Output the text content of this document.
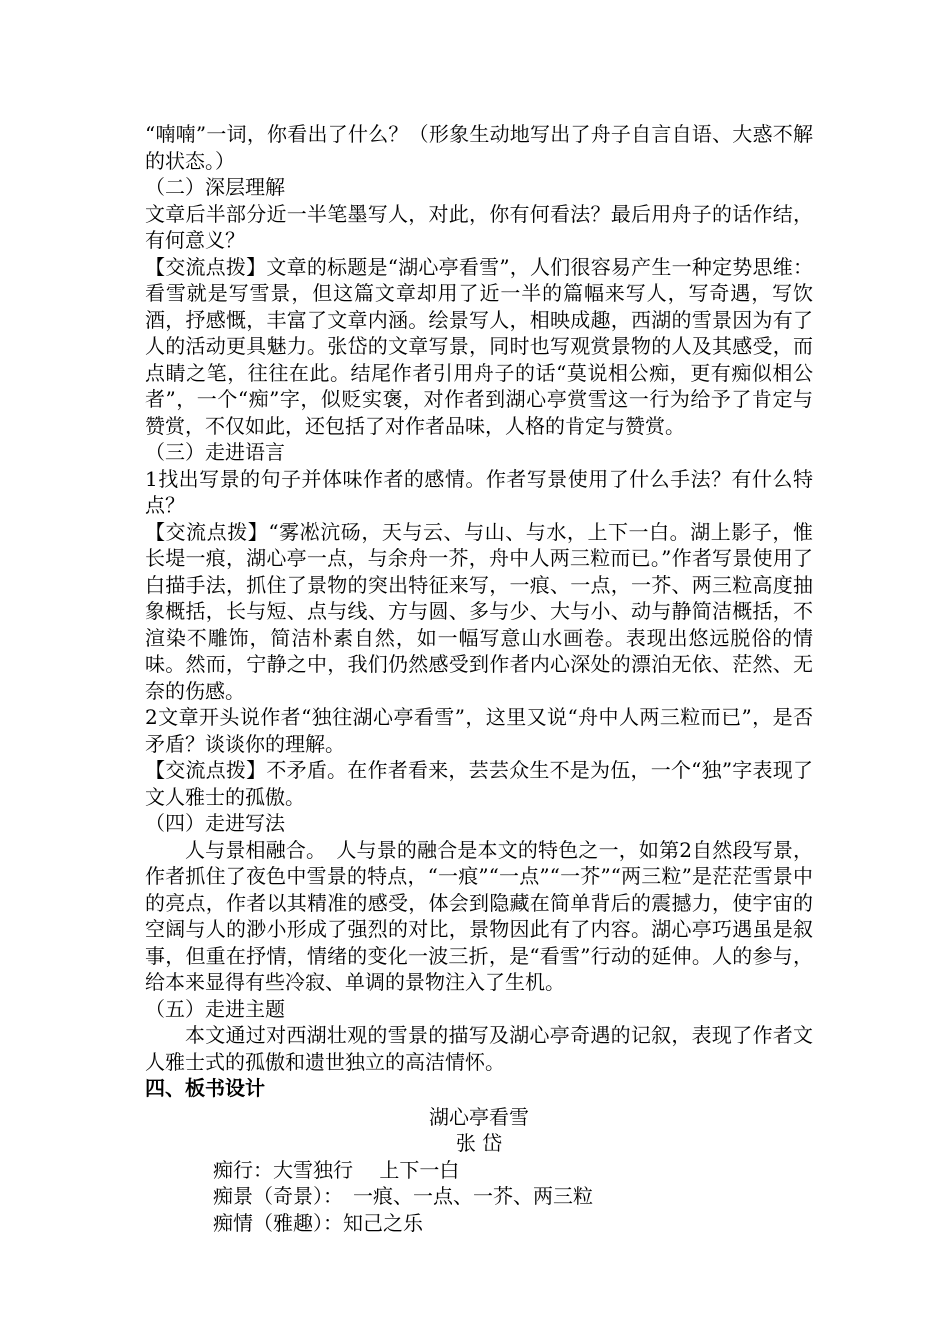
“喃喃”一词，你看出了什么？（形象生动地写出了舟子自言自语、大惑不解的状态。）

（二）深层理解

文章后半部分近一半笔墨写人，对此，你有何看法？最后用舟子的话作结，有何意义？

【交流点拨】文章的标题是“湖心亭看雪”，人们很容易产生一种定势思维：看雪就是写雪景，但这篇文章却用了近一半的篇幅来写人，写奇遇，写饮酒，抒感慨，丰富了文章内涵。绘景写人，相映成趣，西湖的雪景因为有了人的活动更具魅力。张岱的文章写景，同时也写观赏景物的人及其感受，而点睛之笔，往往在此。结尾作者引用舟子的话“莫说相公痴，更有痴似相公者”，一个“痴”字，似贬实褒，对作者到湖心亭赏雪这一行为给予了肯定与赞赏，不仅如此，还包括了对作者品味，人格的肯定与赞赏。

（三）走进语言

1找出写景的句子并体味作者的感情。作者写景使用了什么手法？有什么特点？

【交流点拨】“雾凇沆砀，天与云、与山、与水，上下一白。湖上影子，惟长堤一痕，湖心亭一点，与余舟一芥，舟中人两三粒而已。”作者写景使用了白描手法，抓住了景物的突出特征来写，一痕、一点，一芥、两三粒高度抽象概括，长与短、点与线、方与圆、多与少、大与小、动与静简洁概括，不渲染不雕饰，简洁朴素自然，如一幅写意山水画卷。表现出悠远脱俗的情味。然而，宁静之中，我们仍然感受到作者内心深处的漂泊无依、茫然、无奈的伤感。

2文章开头说作者“独往湖心亭看雪”，这里又说“舟中人两三粒而已”，是否矛盾？谈谈你的理解。

【交流点拨】不矛盾。在作者看来，芸芸众生不是为伍，一个“独”字表现了文人雅士的孤傲。

（四）走进写法

人与景相融合。　人与景的融合是本文的特色之一，如第2自然段写景，作者抓住了夜色中雪景的特点，“一痕”“一点”“一芥”“两三粒”是茫茫雪景中的亮点，作者以其精准的感受，体会到隐藏在简单背后的震撼力，使宇宙的空阔与人的渺小形成了强烈的对比，景物因此有了内容。湖心亭巧遇虽是叙事，但重在抒情，情绪的变化一波三折，是“看雪”行动的延伸。人的参与，给本来显得有些冷寂、单调的景物注入了生机。

（五）走进主题

本文通过对西湖壮观的雪景的描写及湖心亭奇遇的记叙，表现了作者文人雅士式的孤傲和遗世独立的高洁情怀。

四、板书设计

湖心亭看雪

张 岱

痴行：大雪独行　 上下一白

痴景（奇景）：　一痕、一点、一芥、两三粒

痴情（雅趣）：知己之乐
